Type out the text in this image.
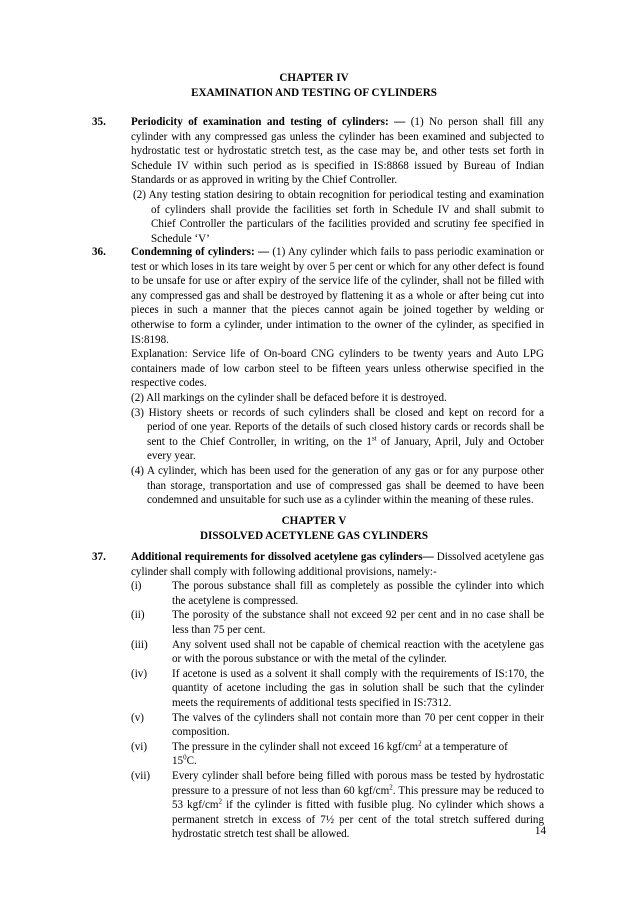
CHAPTER IV
EXAMINATION AND TESTING OF CYLINDERS
35. Periodicity of examination and testing of cylinders: — (1) No person shall fill any cylinder with any compressed gas unless the cylinder has been examined and subjected to hydrostatic test or hydrostatic stretch test, as the case may be, and other tests set forth in Schedule IV within such period as is specified in IS:8868 issued by Bureau of Indian Standards or as approved in writing by the Chief Controller.

(2) Any testing station desiring to obtain recognition for periodical testing and examination of cylinders shall provide the facilities set forth in Schedule IV and shall submit to Chief Controller the particulars of the facilities provided and scrutiny fee specified in Schedule ‘V’

36. Condemning of cylinders: — (1) Any cylinder which fails to pass periodic examination or test or which loses in its tare weight by over 5 per cent or which for any other defect is found to be unsafe for use or after expiry of the service life of the cylinder, shall not be filled with any compressed gas and shall be destroyed by flattening it as a whole or after being cut into pieces in such a manner that the pieces cannot again be joined together by welding or otherwise to form a cylinder, under intimation to the owner of the cylinder, as specified in IS:8198.

Explanation: Service life of On-board CNG cylinders to be twenty years and Auto LPG containers made of low carbon steel to be fifteen years unless otherwise specified in the respective codes.

(2) All markings on the cylinder shall be defaced before it is destroyed.

(3) History sheets or records of such cylinders shall be closed and kept on record for a period of one year. Reports of the details of such closed history cards or records shall be sent to the Chief Controller, in writing, on the 1st of January, April, July and October every year.

(4) A cylinder, which has been used for the generation of any gas or for any purpose other than storage, transportation and use of compressed gas shall be deemed to have been condemned and unsuitable for such use as a cylinder within the meaning of these rules.

CHAPTER V
DISSOLVED ACETYLENE GAS CYLINDERS
37. Additional requirements for dissolved acetylene gas cylinders— Dissolved acetylene gas cylinder shall comply with following additional provisions, namely:-

(i)	The porous substance shall fill as completely as possible the cylinder into which the acetylene is compressed.
(ii)	The porosity of the substance shall not exceed 92 per cent and in no case shall be less than 75 per cent.
(iii)	Any solvent used shall not be capable of chemical reaction with the acetylene gas or with the porous substance or with the metal of the cylinder.
(iv)	If acetone is used as a solvent it shall comply with the requirements of IS:170, the quantity of acetone including the gas in solution shall be such that the cylinder meets the requirements of additional tests specified in IS:7312.
(v)	The valves of the cylinders shall not contain more than 70 per cent copper in their composition.
(vi)	The pressure in the cylinder shall not exceed 16 kgf/$cm^2$ at a temperature of
$15^0C$.
(vii)	Every cylinder shall before being filled with porous mass be tested by hydrostatic pressure to a pressure of not less than 60 kgf/$cm^2$. This pressure may be reduced to 53 kgf/$cm^2$ if the cylinder is fitted with fusible plug. No cylinder which shows a permanent stretch in excess of 7½ per cent of the total stretch suffered during hydrostatic stretch test shall be allowed.	14
